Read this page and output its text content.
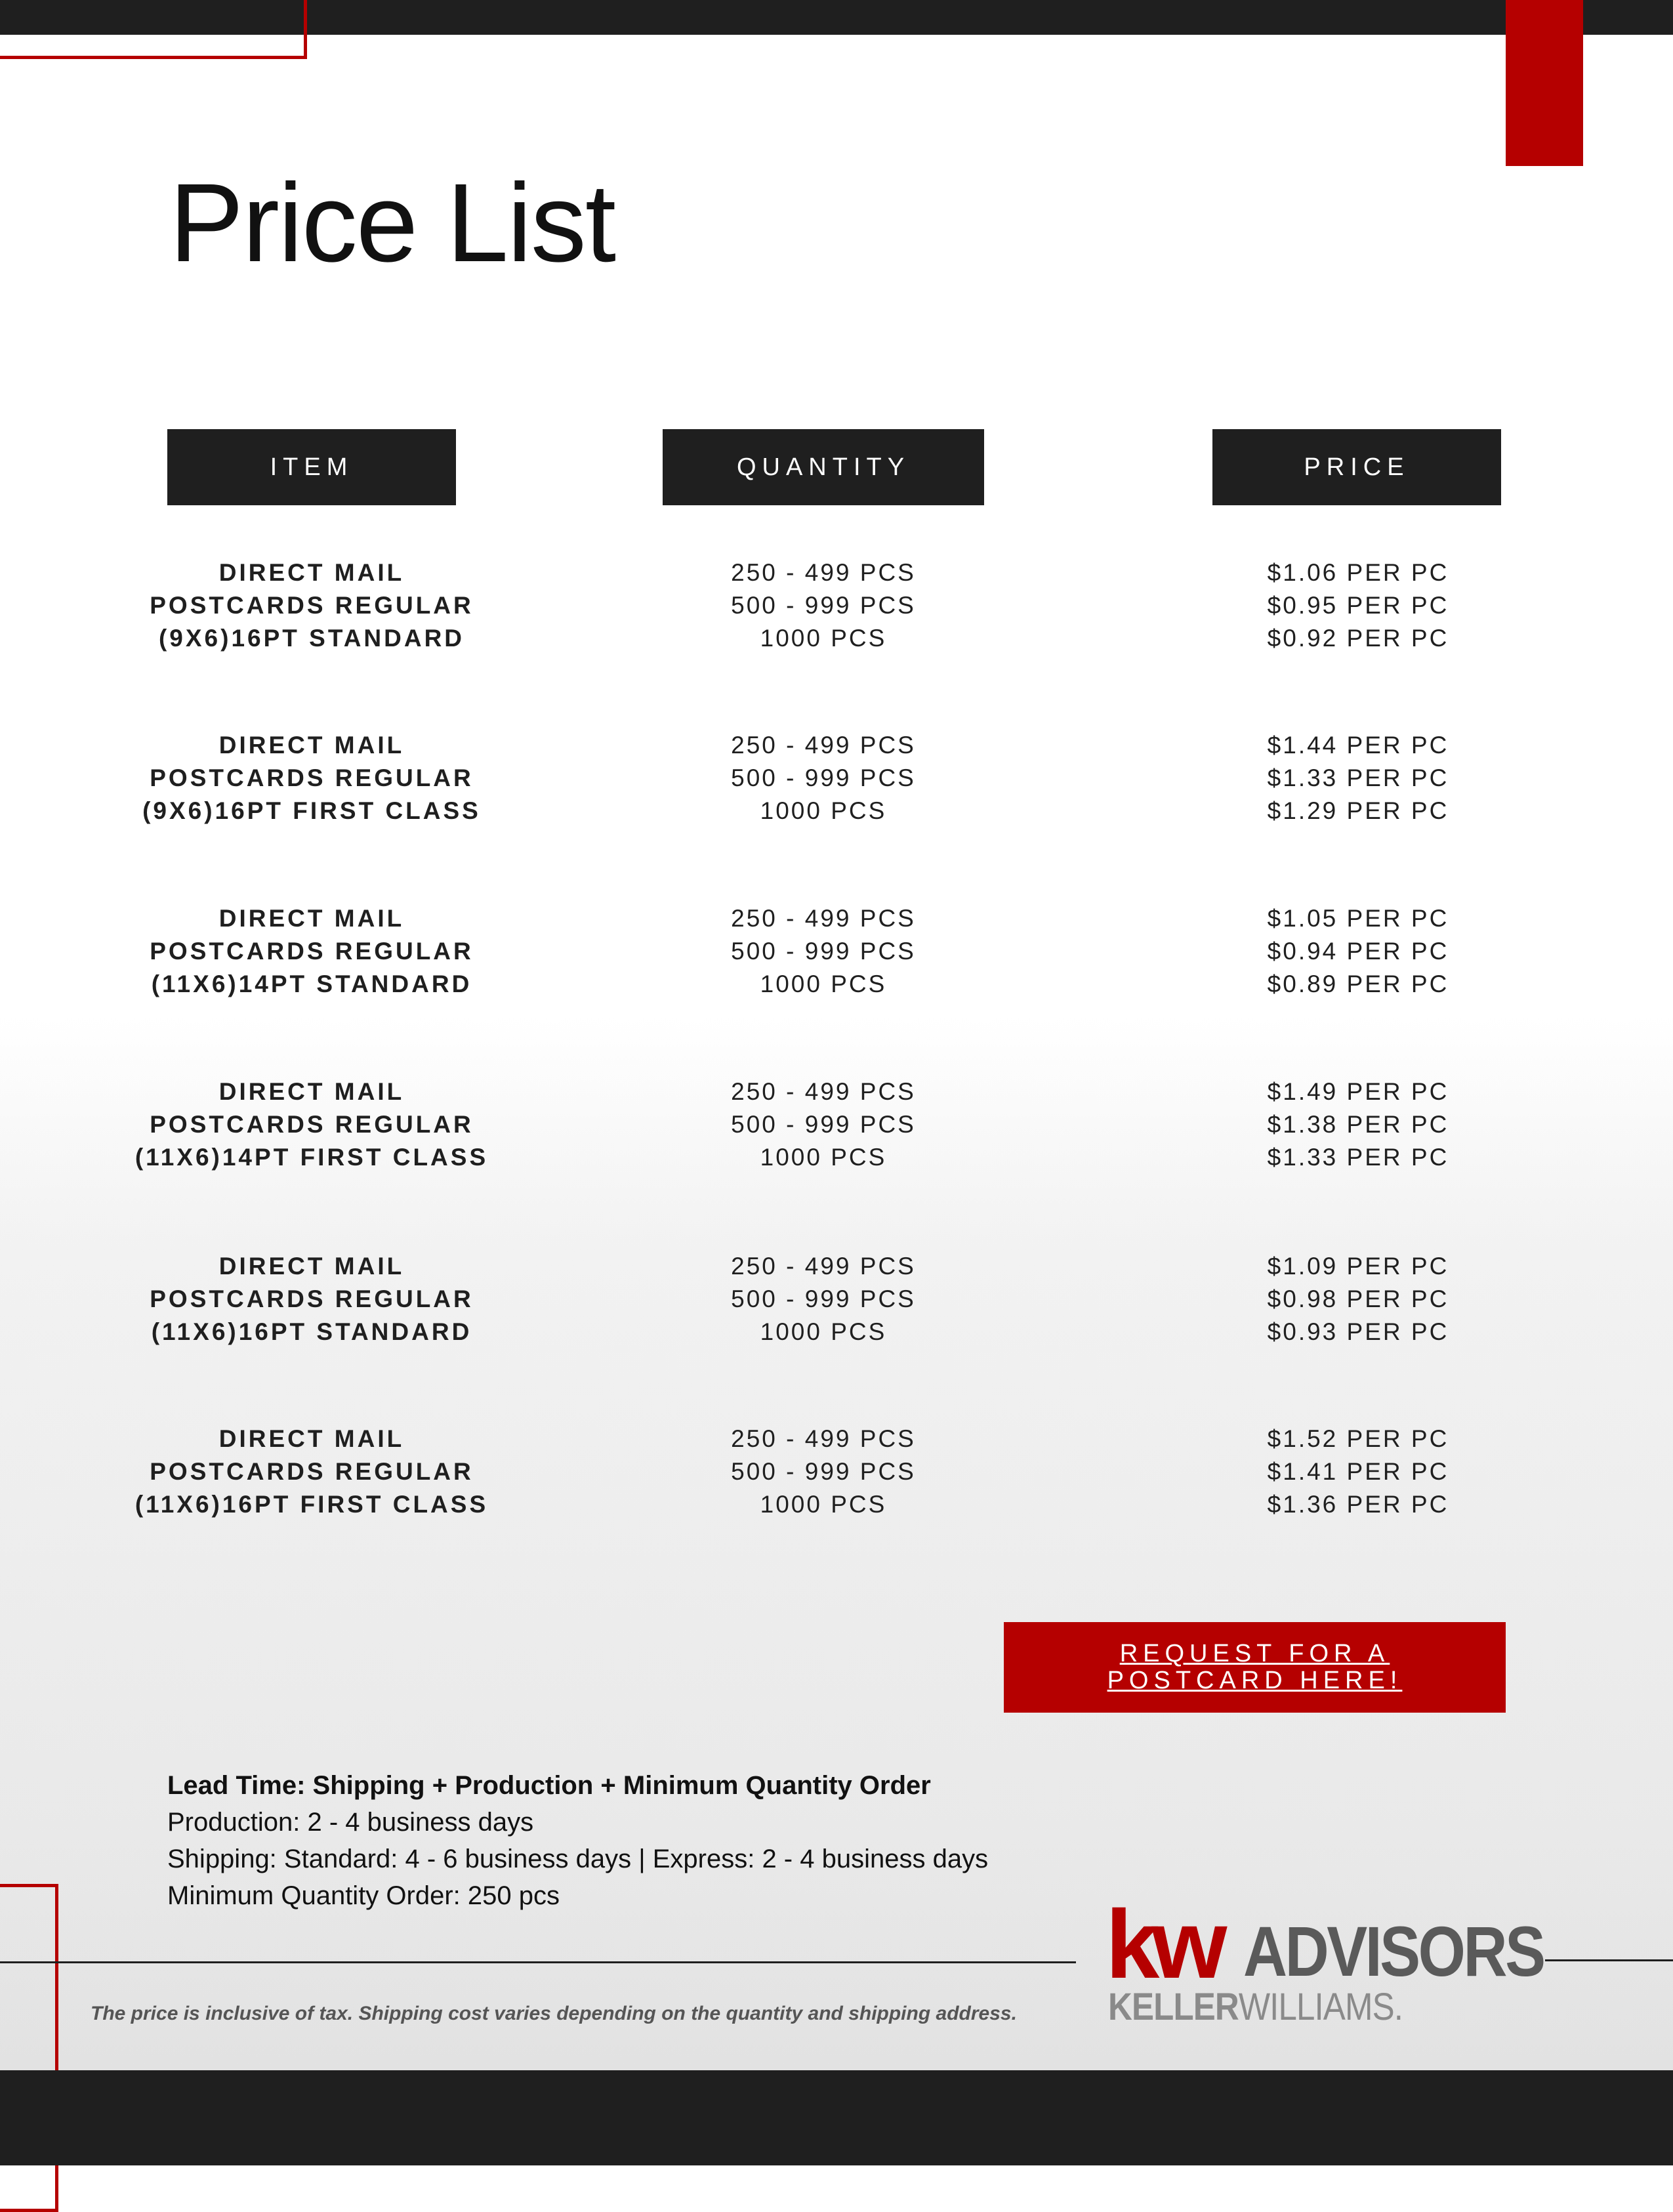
Price List
ITEM	QUANTITY	PRICE
DIRECT MAIL
POSTCARDS REGULAR
(9X6)16PT STANDARD
250 - 499 PCS
500 - 999 PCS
1000 PCS
$1.06 PER PC
$0.95 PER PC
$0.92 PER PC
DIRECT MAIL
POSTCARDS REGULAR
(9X6)16PT FIRST CLASS
250 - 499 PCS
500 - 999 PCS
1000 PCS
$1.44 PER PC
$1.33 PER PC
$1.29 PER PC
DIRECT MAIL
POSTCARDS REGULAR
(11X6)14PT STANDARD
250 - 499 PCS
500 - 999 PCS
1000 PCS
$1.05 PER PC
$0.94 PER PC
$0.89 PER PC
DIRECT MAIL
POSTCARDS REGULAR
(11X6)14PT FIRST CLASS
250 - 499 PCS
500 - 999 PCS
1000 PCS
$1.49 PER PC
$1.38 PER PC
$1.33 PER PC
DIRECT MAIL
POSTCARDS REGULAR
(11X6)16PT STANDARD
250 - 499 PCS
500 - 999 PCS
1000 PCS
$1.09 PER PC
$0.98 PER PC
$0.93 PER PC
DIRECT MAIL
POSTCARDS REGULAR
(11X6)16PT FIRST CLASS
250 - 499 PCS
500 - 999 PCS
1000 PCS
$1.52 PER PC
$1.41 PER PC
$1.36 PER PC
REQUEST FOR A
POSTCARD HERE!
Lead Time: Shipping + Production + Minimum Quantity Order
Production: 2 - 4 business days
Shipping: Standard: 4 - 6 business days | Express: 2 - 4 business days
Minimum Quantity Order: 250 pcs
The price is inclusive of tax. Shipping cost varies depending on the quantity and shipping address.
kw ADVISORS
KELLERWILLIAMS.
